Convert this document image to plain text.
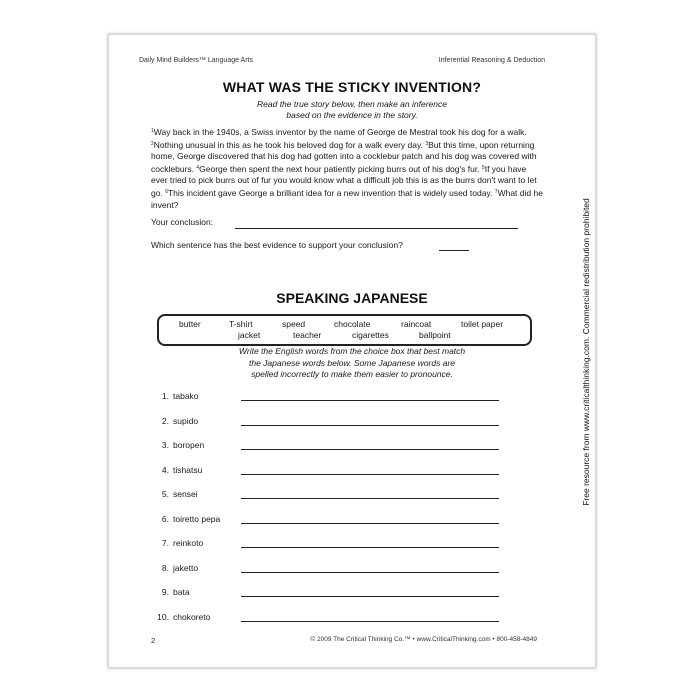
Daily Mind Builders™ Language Arts	Inferential Reasoning & Deduction
WHAT WAS THE STICKY INVENTION?
Read the true story below, then make an inference
based on the evidence in the story.
$^1$Way back in the 1940s, a Swiss inventor by the name of George de Mestral took his dog for a walk. $^2$Nothing unusual in this as he took his beloved dog for a walk every day. $^3$But this time, upon returning home, George discovered that his dog had gotten into a cocklebur patch and his dog was covered with cockleburs. $^4$George then spent the next hour patiently picking burrs out of his dog's fur. $^5$If you have ever tried to pick burrs out of fur you would know what a difficult job this is as the burrs don't want to let go. $^6$This incident gave George a brilliant idea for a new invention that is widely used today. $^7$What did he invent?
Your conclusion:
Which sentence has the best evidence to support your conclusion?
SPEAKING JAPANESE
butter	T-shirt	speed	chocolate	raincoat	toilet paper
jacket	teacher	cigarettes	ballpoint
Write the English words from the choice box that best match
the Japanese words below. Some Japanese words are
spelled incorrectly to make them easier to pronounce.
1. tabako
2. supido
3. boropen
4. tishatsu
5. sensei
6. toiretto pepa
7. reinkoto
8. jaketto
9. bata
10. chokoreto
2	© 2009 The Critical Thinking Co.™ • www.CriticalThinking.com • 800-458-4849
Free resource from www.criticalthinking.com. Commercial redistribution prohibited
